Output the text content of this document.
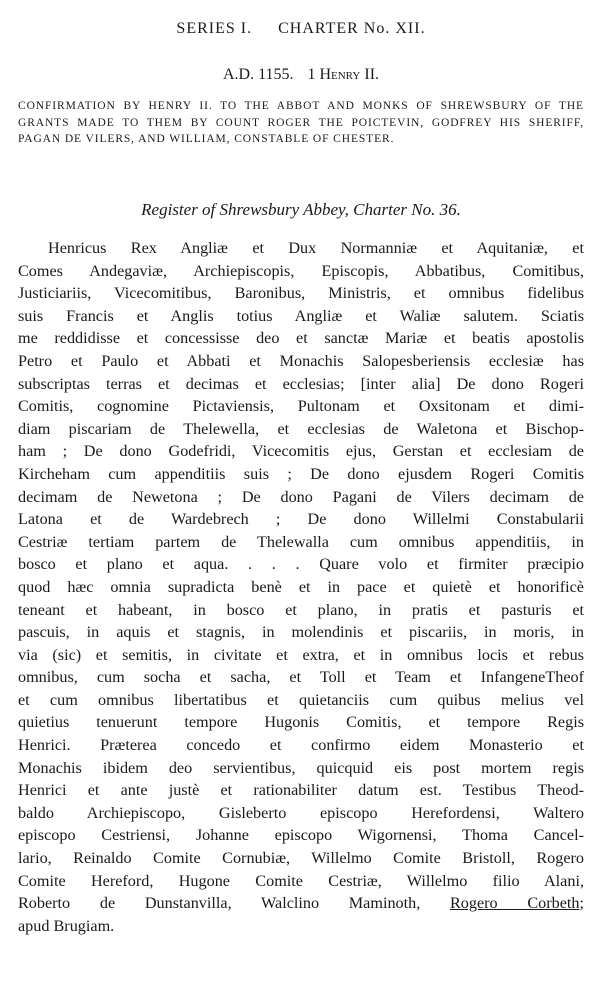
SERIES I. CHARTER No. XII.
A.D. 1155. 1 Henry II.
CONFIRMATION BY HENRY II. TO THE ABBOT AND MONKS OF SHREWSBURY OF THE GRANTS MADE TO THEM BY COUNT ROGER THE POICTEVIN, GODFREY HIS SHERIFF, PAGAN DE VILERS, AND WILLIAM, CONSTABLE OF CHESTER.
Register of Shrewsbury Abbey, Charter No. 36.
Henricus Rex Angliæ et Dux Normanniæ et Aquitaniæ, et
Comes Andegaviæ, Archiepiscopis, Episcopis, Abbatibus, Comitibus,
Justiciariis, Vicecomitibus, Baronibus, Ministris, et omnibus fidelibus
suis Francis et Anglis totius Angliæ et Waliæ salutem. Sciatis
me reddidisse et concessisse deo et sanctæ Mariæ et beatis apostolis
Petro et Paulo et Abbati et Monachis Salopesberiensis ecclesiæ has
subscriptas terras et decimas et ecclesias; [inter alia] De dono Rogeri
Comitis, cognomine Pictaviensis, Pultonam et Oxsitonam et dimi-
diam piscariam de Thelewella, et ecclesias de Waletona et Bischop-
ham ; De dono Godefridi, Vicecomitis ejus, Gerstan et ecclesiam de
Kircheham cum appenditiis suis ; De dono ejusdem Rogeri Comitis
decimam de Newetona ; De dono Pagani de Vilers decimam de
Latona et de Wardebrech ; De dono Willelmi Constabularii
Cestriæ tertiam partem de Thelewalla cum omnibus appenditiis, in
bosco et plano et aqua. . . . Quare volo et firmiter præcipio
quod hæc omnia supradicta benè et in pace et quietè et honorificè
teneant et habeant, in bosco et plano, in pratis et pasturis et
pascuis, in aquis et stagnis, in molendinis et piscariis, in moris, in
via (sic) et semitis, in civitate et extra, et in omnibus locis et rebus
omnibus, cum socha et sacha, et Toll et Team et InfangeneTheof
et cum omnibus libertatibus et quietanciis cum quibus melius vel
quietius tenuerunt tempore Hugonis Comitis, et tempore Regis
Henrici. Præterea concedo et confirmo eidem Monasterio et
Monachis ibidem deo servientibus, quicquid eis post mortem regis
Henrici et ante justè et rationabiliter datum est. Testibus Theod-
baldo Archiepiscopo, Gisleberto episcopo Herefordensi, Waltero
episcopo Cestriensi, Johanne episcopo Wigornensi, Thoma Cancel-
lario, Reinaldo Comite Cornubiæ, Willelmo Comite Bristoll, Rogero
Comite Hereford, Hugone Comite Cestriæ, Willelmo filio Alani,
Roberto de Dunstanvilla, Walclino Maminoth, Rogero Corbeth;
apud Brugiam.
